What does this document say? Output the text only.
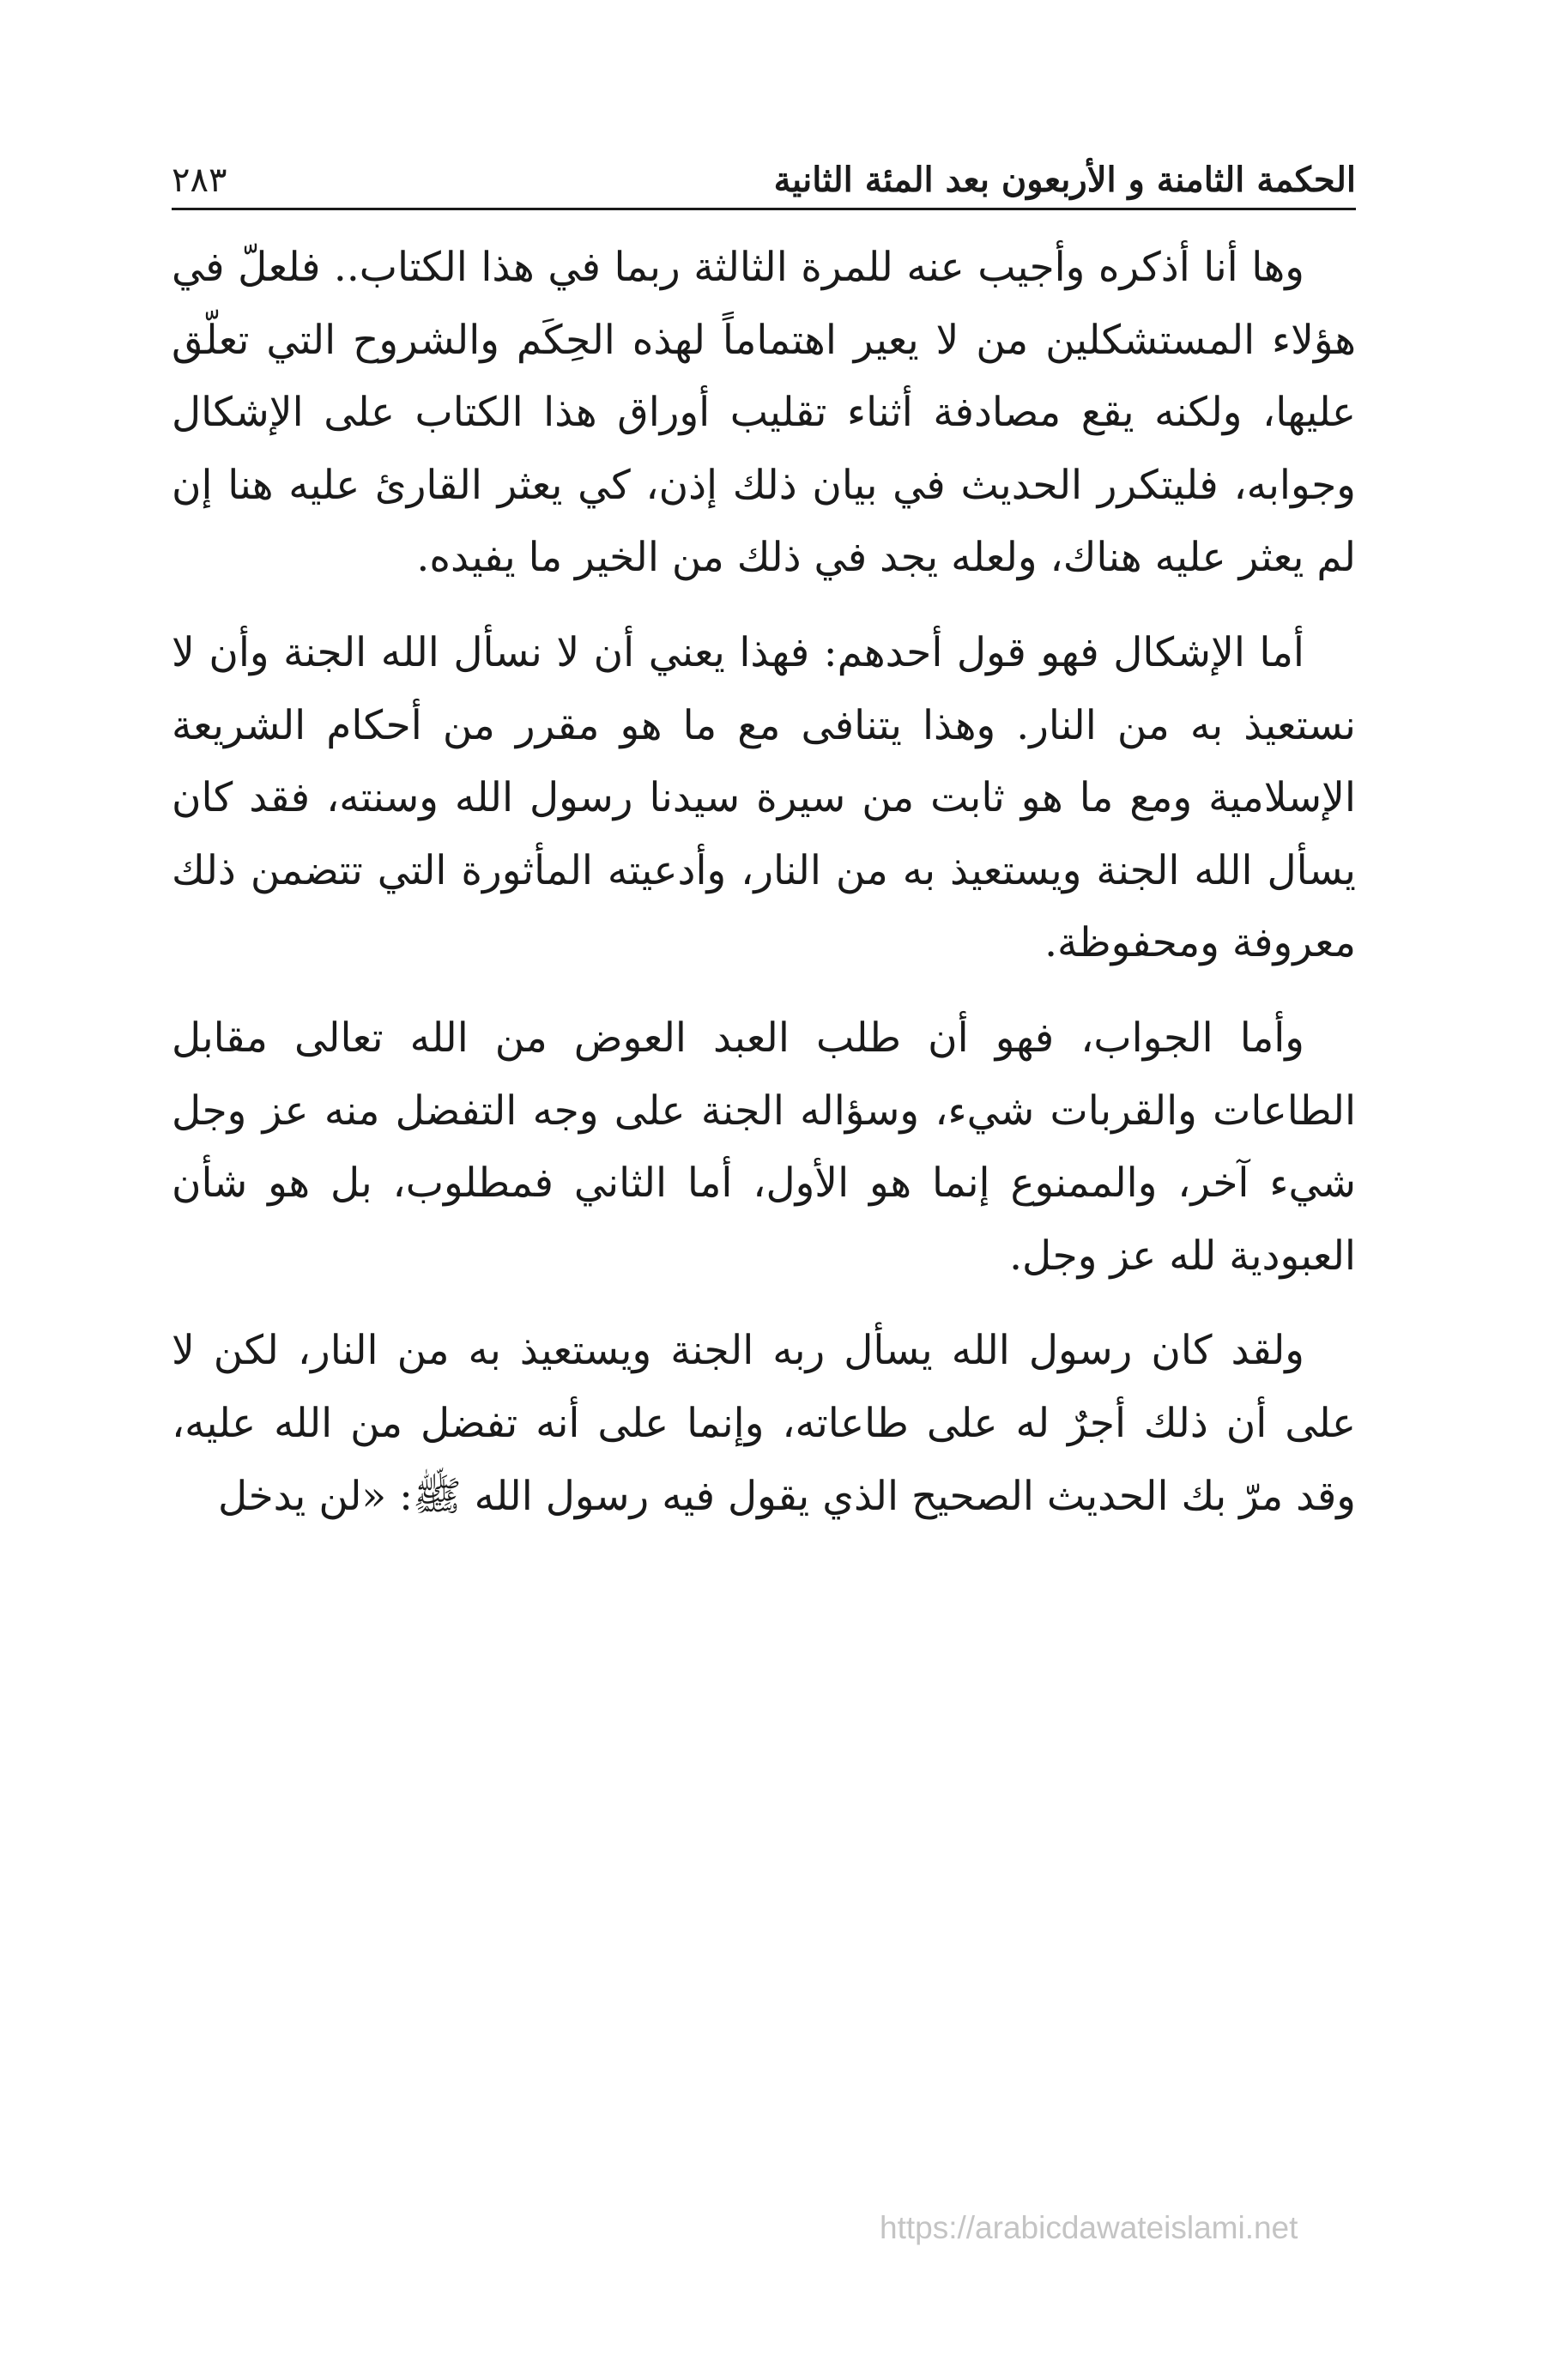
الحكمة الثامنة و الأربعون بعد المئة الثانية
٢٨٣

وها أنا أذكره وأجيب عنه للمرة الثالثة ربما في هذا الكتاب.. فلعلّ في هؤلاء المستشكلين من لا يعير اهتماماً لهذه الحِكَم والشروح التي تعلّق عليها، ولكنه يقع مصادفة أثناء تقليب أوراق هذا الكتاب على الإشكال وجوابه، فليتكرر الحديث في بيان ذلك إذن، كي يعثر القارئ عليه هنا إن لم يعثر عليه هناك، ولعله يجد في ذلك من الخير ما يفيده.

أما الإشكال فهو قول أحدهم: فهذا يعني أن لا نسأل الله الجنة وأن لا نستعيذ به من النار. وهذا يتنافى مع ما هو مقرر من أحكام الشريعة الإسلامية ومع ما هو ثابت من سيرة سيدنا رسول الله وسنته، فقد كان يسأل الله الجنة ويستعيذ به من النار، وأدعيته المأثورة التي تتضمن ذلك معروفة ومحفوظة.

وأما الجواب، فهو أن طلب العبد العوض من الله تعالى مقابل الطاعات والقربات شيء، وسؤاله الجنة على وجه التفضل منه عز وجل شيء آخر، والممنوع إنما هو الأول، أما الثاني فمطلوب، بل هو شأن العبودية لله عز وجل.

ولقد كان رسول الله يسأل ربه الجنة ويستعيذ به من النار، لكن لا على أن ذلك أجرٌ له على طاعاته، وإنما على أنه تفضل من الله عليه، وقد مرّ بك الحديث الصحيح الذي يقول فيه رسول الله ﷺ: «لن يدخل

https://arabicdawateislami.net
